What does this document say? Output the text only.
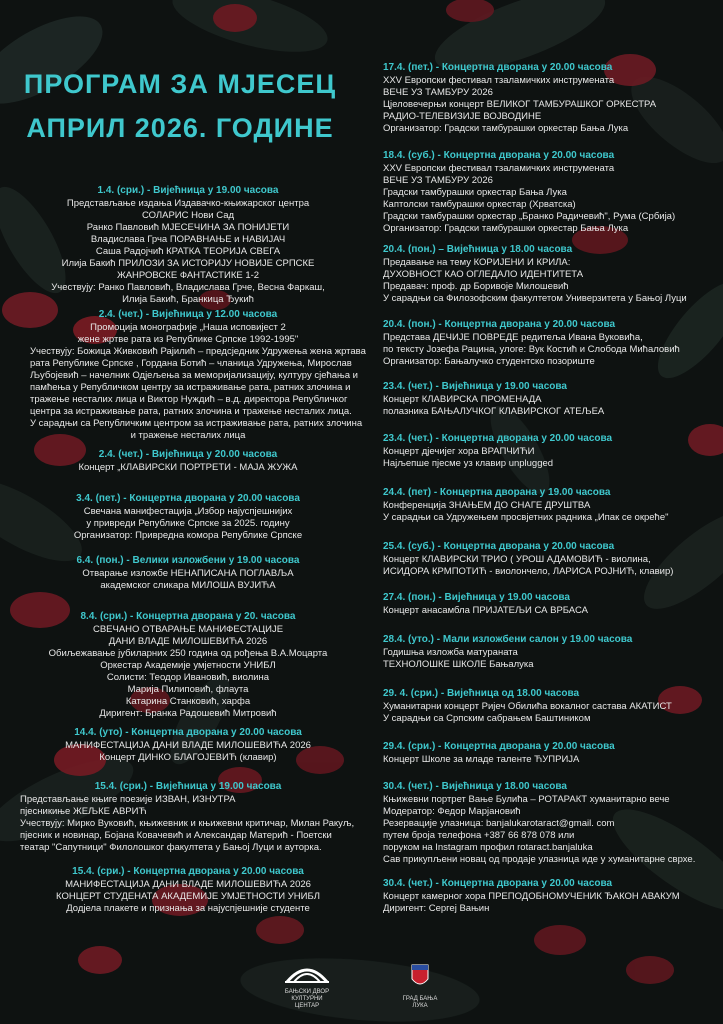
ПРОГРАМ ЗА МЈЕСЕЦ
АПРИЛ 2026. ГОДИНЕ
1.4. (сри.) - Вијећница у 19.00 часова
Представљање издања Издавачко-књижарског центра
СОЛАРИС Нови Сад
Ранко Павловић МЈЕСЕЧИНА ЗА ПОНИЈЕТИ
Владислава Грча ПОРАВНАЊЕ и НАВИЈАЧ
Саша Радојчић КРАТКА ТЕОРИЈА СВЕГА
Илија Бакић ПРИЛОЗИ ЗА ИСТОРИЈУ НОВИЈЕ СРПСКЕ
ЖАНРОВСКЕ ФАНТАСТИКЕ 1-2
Учествују: Ранко Павловић, Владислава Грче, Весна Фаркаш,
Илија Бакић, Бранкица Ђукић
2.4. (чет.) - Вијећница у 12.00 часова
Промоција монографије „Наша исповијест 2
жене жртве рата из Републике Српске 1992-1995"
Учествују: Божица Живковић Рајилић – предсједник Удружења жена жртава
рата Републике Српске , Гордана Ботић – чланица Удружења, Мирослав
Љубојевић – начелник Одјељења за меморијализацију, културу сјећања и
памћења у Републичком центру за истраживање рата, ратних злочина и
тражење несталих лица и Виктор Нуждић – в.д. директора Републичког
центра за истраживање рата, ратних злочина и тражење несталих лица.
У сарадњи са Републичким центром за истраживање рата, ратних злочина
и тражење несталих лица
2.4. (чет.) - Вијећница у 20.00 часова
Концерт „КЛАВИРСКИ ПОРТРЕТИ - МАЈА ЖУЖА
3.4. (пет.) - Концертна дворана у 20.00 часова
Свечана манифестација „Избор најуспјешнијих
у привреди Републике Српске за 2025. годину
Организатор: Привредна комора Републике Српске
6.4. (пон.) - Велики изложбени у 19.00 часова
Отварање изложбе НЕНАПИСАНА ПОГЛАВЉА
академског сликара МИЛОША ВУЈИЋА
8.4. (сри.) - Концертна дворана у 20. часова
СВЕЧАНО ОТВАРАЊЕ МАНИФЕСТАЦИЈЕ
ДАНИ ВЛАДЕ МИЛОШЕВИЋА 2026
Обиљежавање јубиларних 250 година од рођења В.А.Моцарта
Оркестар Академије умјетности УНИБЛ
Солисти: Теодор Ивановић, виолина
Марија Пилиповић, флаута
Катарина Станковић, харфа
Диригент: Бранка Радошевић Митровић
14.4. (уто) - Концертна дворана у 20.00 часова
МАНИФЕСТАЦИЈА ДАНИ ВЛАДЕ МИЛОШЕВИЋА 2026
Концерт ДИНКО БЛАГОЈЕВИЋ (клавир)
15.4. (сри.) - Вијећница у 19.00 часова
Представљање књиге поезије ИЗВАН, ИЗНУТРА
пјесникиње ЖЕЉКЕ АВРИЋ
Учествују: Мирко Вуковић, књижевник и књижевни критичар, Милан Ракуљ,
пјесник и новинар, Бојана Ковачевић и Александар Матерић - Поетски
театар "Сапутници" Филолошког факултета у Бањој Луци и ауторка.
15.4. (сри.) - Концертна дворана у 20.00 часова
МАНИФЕСТАЦИЈА ДАНИ ВЛАДЕ МИЛОШЕВИЋА 2026
КОНЦЕРТ СТУДЕНАТА АКАДЕМИЈЕ УМЈЕТНОСТИ УНИБЛ
Додјела плакете и признања за најуспјешније студенте
17.4. (пет.) - Концертна дворана у 20.00 часова
XXV Европски фестивал тзаламичких инструмената
ВЕЧЕ УЗ ТАМБУРУ 2026
Цјеловечерњи концерт ВЕЛИКОГ ТАМБУРАШКОГ ОРКЕСТРА
РАДИО-ТЕЛЕВИЗИЈЕ ВОЈВОДИНЕ
Организатор: Градски тамбурашки оркестар Бања Лука
18.4. (суб.) - Концертна дворана у 20.00 часова
XXV Европски фестивал тзаламичких инструмената
ВЕЧЕ УЗ ТАМБУРУ 2026
Градски тамбурашки оркестар Бања Лука
Каптолски тамбурашки оркестар (Хрватска)
Градски тамбурашки оркестар „Бранко Радичевић", Рума (Србија)
Организатор: Градски тамбурашки оркестар Бања Лука
20.4. (пон.) – Вијећница у 18.00 часова
Предавање на тему КОРИЈЕНИ И КРИЛА:
ДУХОВНОСТ КАО ОГЛЕДАЛО ИДЕНТИТЕТА
Предавач: проф. др Боривоје Милошевић
У сарадњи са Филозофским факултетом Универзитета у Бањој Луци
20.4. (пон.) - Концертна дворана у 20.00 часова
Представа ДЕЧИЈЕ ПОВРЕДЕ редитеља Ивана Вуковића,
по тексту Јозефа Рацина, улоге: Вук Костић и Слобода Мићаловић
Организатор: Бањалучко студентско позориште
23.4. (чет.) - Вијећница у 19.00 часова
Концерт КЛАВИРСКА ПРОМЕНАДА
полазника БАЊАЛУЧКОГ КЛАВИРСКОГ АТЕЉЕА
23.4. (чет.) - Концертна дворана у 20.00 часова
Концерт дјечијег хора ВРАПЧИЋИ
Најљепше пјесме уз клавир unplugged
24.4. (пет) - Концертна дворана у 19.00 часова
Конференција ЗНАЊЕМ ДО СНАГЕ ДРУШТВА
У сарадњи са Удружењем просвјетних радника „Ипак се окреће"
25.4. (суб.) - Концертна дворана у 20.00 часова
Концерт КЛАВИРСКИ ТРИО ( УРОШ АДАМОВИЋ - виолина,
ИСИДОРА КРМПОТИЋ - виолончело, ЛАРИСА РОЈНИЋ, клавир)
27.4. (пон.) - Вијећница у 19.00 часова
Концерт анасамбла ПРИЈАТЕЉИ СА ВРБАСА
28.4. (уто.) - Мали изложбени салон у 19.00 часова
Годишња изложба матураната
ТЕХНОЛОШКЕ ШКОЛЕ Бањалука
29. 4. (сри.) - Вијећница од 18.00 часова
Хуманитарни концерт Ријеч Обилића вокалног састава АКАТИСТ
У сарадњи са Српским сабрањем Баштиником
29.4. (сри.) - Концертна дворана у 20.00 часова
Концерт Школе за младе таленте ЋУПРИЈА
30.4. (чет.) - Вијећница у 18.00 часова
Књижевни портрет Вање Булића – РОТАРАКТ хуманитарно вече
Модератор: Федор Марјановић
Резервације улазница: banjalukarotaract@gmail. com
путем броја телефона +387 66 878 078 или
поруком на Instagram профил rotaract.banjaluka
Сав прикупљени новац од продаје улазница иде у хуманитарне сврхе.
30.4. (чет.) - Концертна дворана у 20.00 часова
Концерт камерног хора ПРЕПОДОБНОМУЧЕНИК ЂАКОН АВАКУМ
Диригент: Сергеј Вањин
БАЊСКИ ДВОР
КУЛТУРНИ ЦЕНТАР
ГРАД БАЊА ЛУКА
